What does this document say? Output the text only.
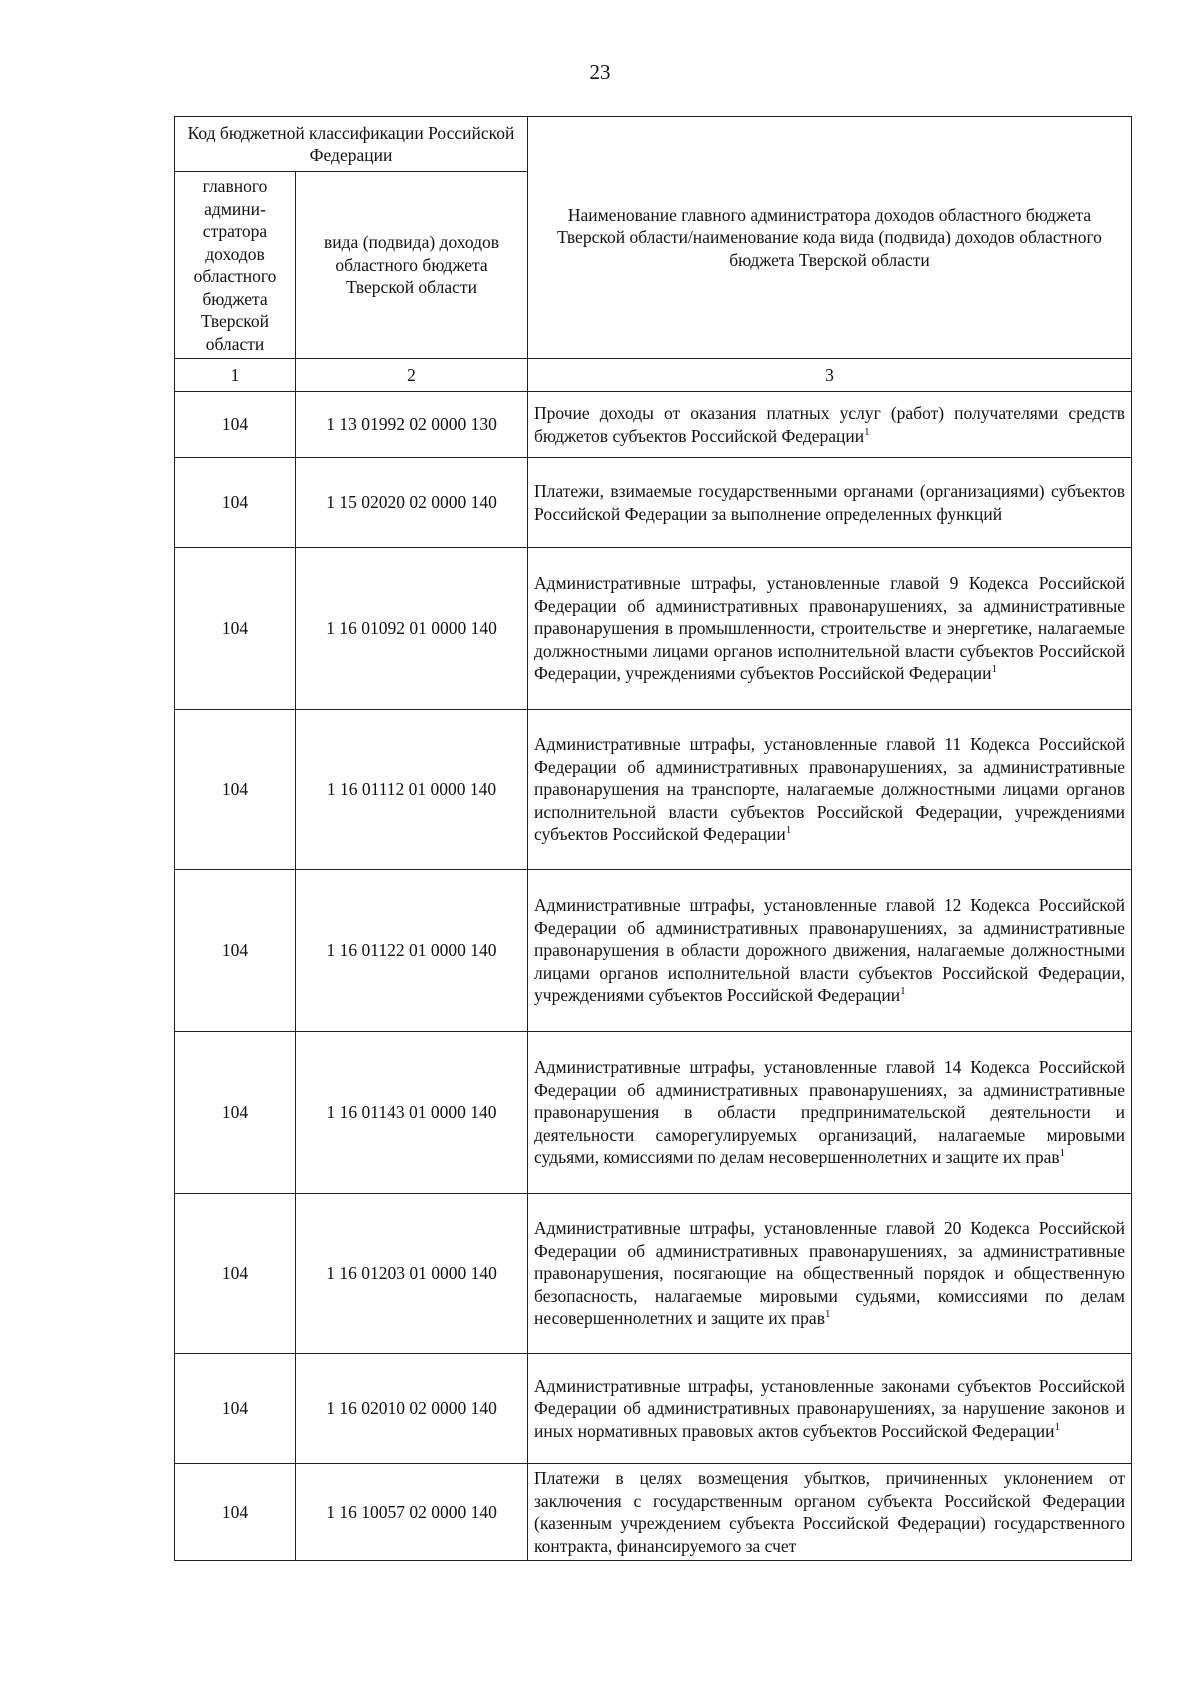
23
Код бюджетной классификации Российской Федерации		Наименование главного администратора доходов областного бюджета Тверской области/наименование кода вида (подвида) доходов областного бюджета Тверской области
главного админи-стратора доходов областного бюджета Тверской области	вида (подвида) доходов областного бюджета Тверской области	
1	2	3
104	1 13 01992 02 0000 130	Прочие доходы от оказания платных услуг (работ) получателями средств бюджетов субъектов Российской Федерации$^1$
104	1 15 02020 02 0000 140	Платежи, взимаемые государственными органами (организациями) субъектов Российской Федерации за выполнение определенных функций
104	1 16 01092 01 0000 140	Административные штрафы, установленные главой 9 Кодекса Российской Федерации об административных правонарушениях, за административные правонарушения в промышленности, строительстве и энергетике, налагаемые должностными лицами органов исполнительной власти субъектов Российской Федерации, учреждениями субъектов Российской Федерации$^1$
104	1 16 01112 01 0000 140	Административные штрафы, установленные главой 11 Кодекса Российской Федерации об административных правонарушениях, за административные правонарушения на транспорте, налагаемые должностными лицами органов исполнительной власти субъектов Российской Федерации, учреждениями субъектов Российской Федерации$^1$
104	1 16 01122 01 0000 140	Административные штрафы, установленные главой 12 Кодекса Российской Федерации об административных правонарушениях, за административные правонарушения в области дорожного движения, налагаемые должностными лицами органов исполнительной власти субъектов Российской Федерации, учреждениями субъектов Российской Федерации$^1$
104	1 16 01143 01 0000 140	Административные штрафы, установленные главой 14 Кодекса Российской Федерации об административных правонарушениях, за административные правонарушения в области предпринимательской деятельности и деятельности саморегулируемых организаций, налагаемые мировыми судьями, комиссиями по делам несовершеннолетних и защите их прав$^1$
104	1 16 01203 01 0000 140	Административные штрафы, установленные главой 20 Кодекса Российской Федерации об административных правонарушениях, за административные правонарушения, посягающие на общественный порядок и общественную безопасность, налагаемые мировыми судьями, комиссиями по делам несовершеннолетних и защите их прав$^1$
104	1 16 02010 02 0000 140	Административные штрафы, установленные законами субъектов Российской Федерации об административных правонарушениях, за нарушение законов и иных нормативных правовых актов субъектов Российской Федерации$^1$
104	1 16 10057 02 0000 140	Платежи в целях возмещения убытков, причиненных уклонением от заключения с государственным органом субъекта Российской Федерации (казенным учреждением субъекта Российской Федерации) государственного контракта, финансируемого за счет
